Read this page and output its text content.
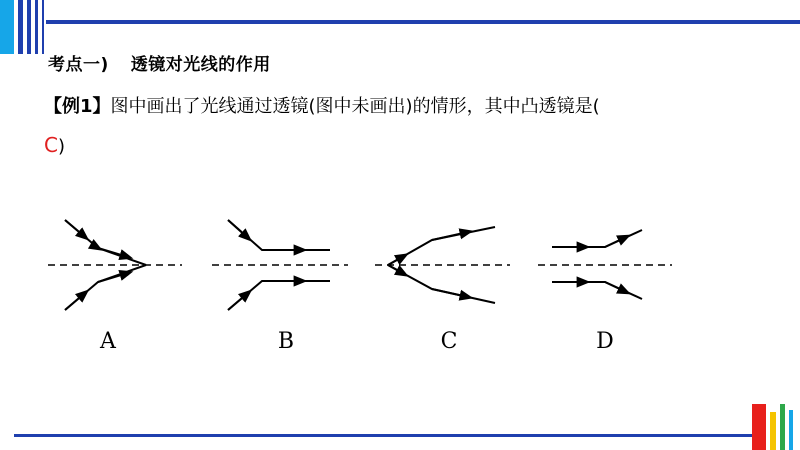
考点一) 透镜对光线的作用
【例1】图中画出了光线通过透镜(图中未画出)的情形，其中凸透镜是(
C)
A	B	C	D
